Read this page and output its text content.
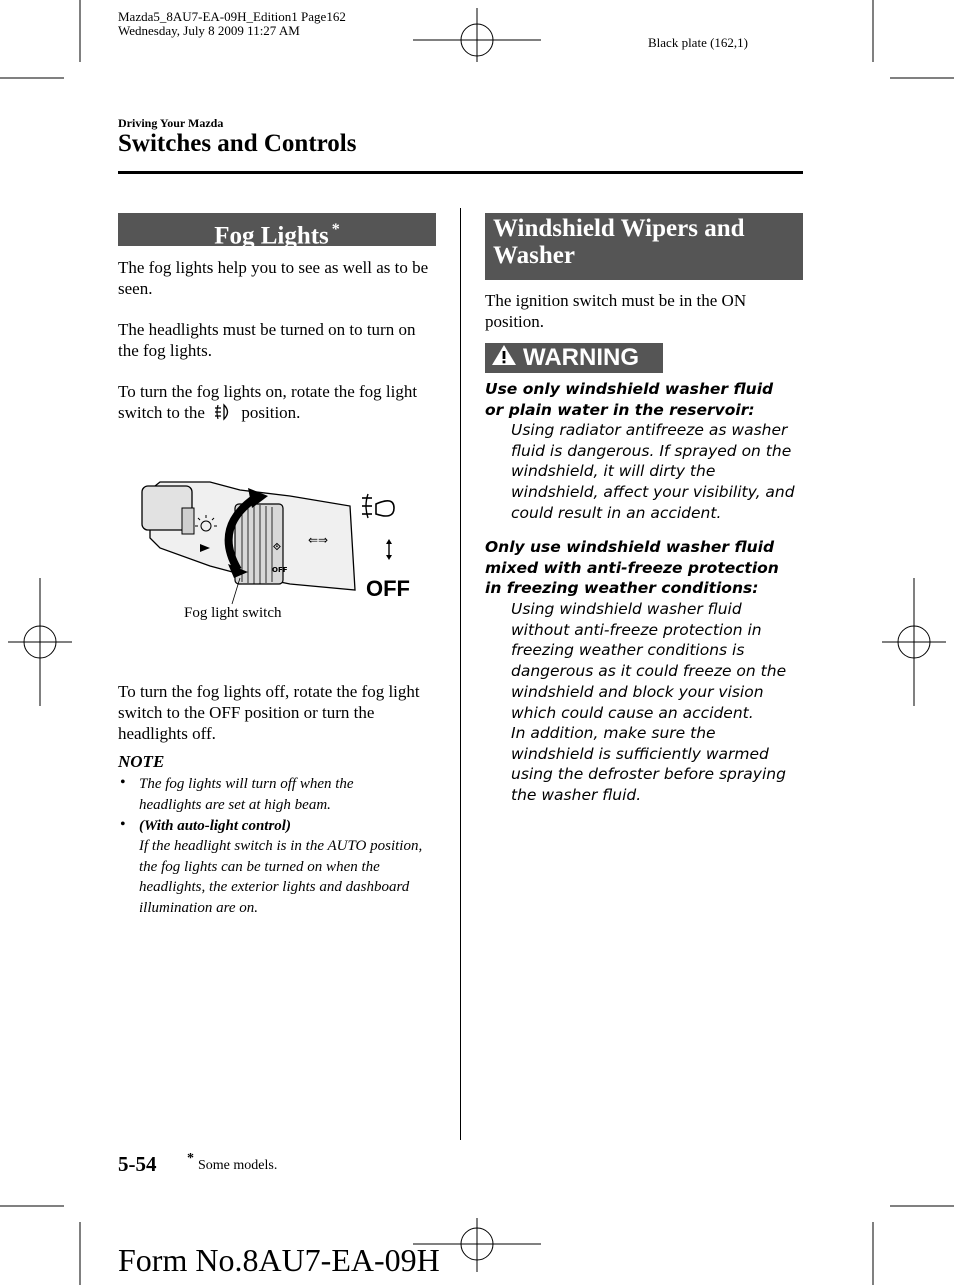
Mazda5_8AU7-EA-09H_Edition1 Page162
Wednesday, July 8 2009 11:27 AM
Black plate (162,1)
Driving Your Mazda
Switches and Controls
Fog Lights *

The fog lights help you to see as well as to be seen.

The headlights must be turned on to turn on the fog lights.

To turn the fog lights on, rotate the fog light switch to the position.

⟐
OFF
⇐⇒
OFF
Fog light switch

To turn the fog lights off, rotate the fog light switch to the OFF position or turn the headlights off.

NOTE
• The fog lights will turn off when the headlights are set at high beam.
• (With auto-light control)
If the headlight switch is in the AUTO position, the fog lights can be turned on when the headlights, the exterior lights and dashboard illumination are on.
Windshield Wipers and Washer

The ignition switch must be in the ON position.

WARNING
Use only windshield washer fluid or plain water in the reservoir:
Using radiator antifreeze as washer fluid is dangerous. If sprayed on the windshield, it will dirty the windshield, affect your visibility, and could result in an accident.
Only use windshield washer fluid mixed with anti-freeze protection in freezing weather conditions:
Using windshield washer fluid without anti-freeze protection in freezing weather conditions is dangerous as it could freeze on the windshield and block your vision which could cause an accident.
In addition, make sure the windshield is sufficiently warmed using the defroster before spraying the washer fluid.
5-54 * Some models.
Form No.8AU7-EA-09H
